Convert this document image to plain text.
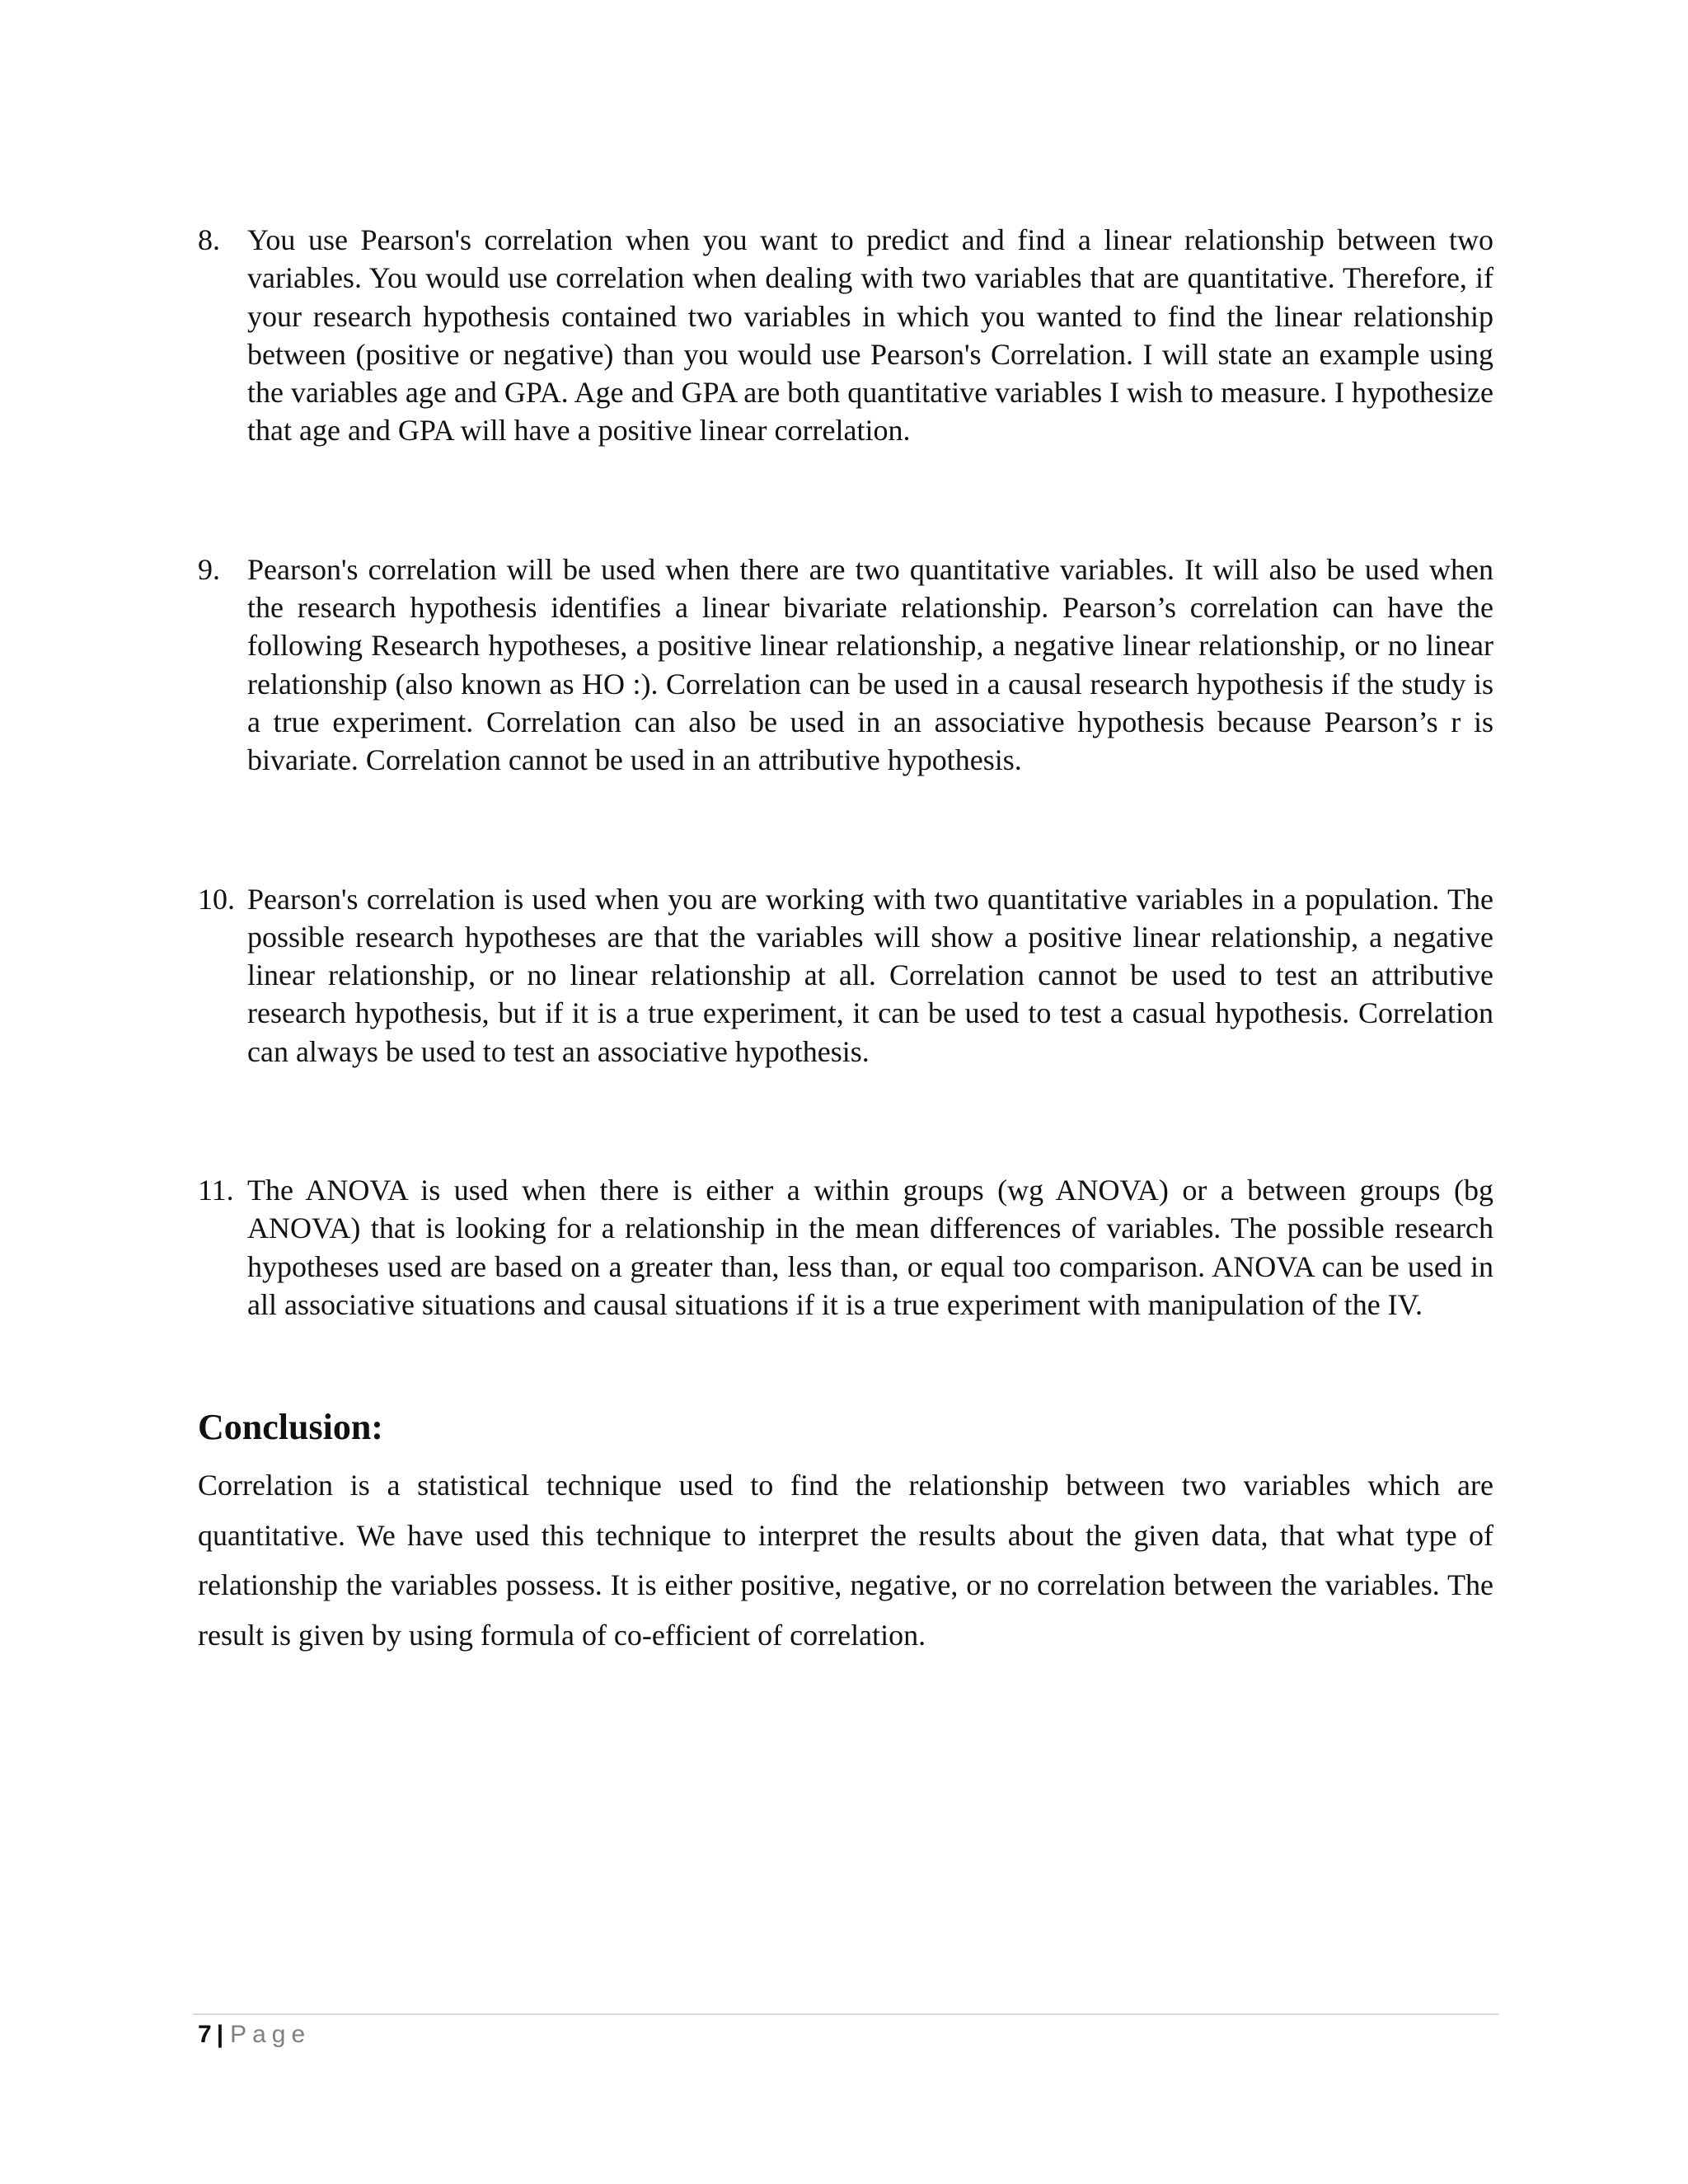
8. You use Pearson's correlation when you want to predict and find a linear relationship between two variables. You would use correlation when dealing with two variables that are quantitative. Therefore, if your research hypothesis contained two variables in which you wanted to find the linear relationship between (positive or negative) than you would use Pearson's Correlation. I will state an example using the variables age and GPA. Age and GPA are both quantitative variables I wish to measure. I hypothesize that age and GPA will have a positive linear correlation.
9. Pearson's correlation will be used when there are two quantitative variables. It will also be used when the research hypothesis identifies a linear bivariate relationship. Pearson’s correlation can have the following Research hypotheses, a positive linear relationship, a negative linear relationship, or no linear relationship (also known as HO :). Correlation can be used in a causal research hypothesis if the study is a true experiment. Correlation can also be used in an associative hypothesis because Pearson’s r is bivariate. Correlation cannot be used in an attributive hypothesis.
10. Pearson's correlation is used when you are working with two quantitative variables in a population. The possible research hypotheses are that the variables will show a positive linear relationship, a negative linear relationship, or no linear relationship at all. Correlation cannot be used to test an attributive research hypothesis, but if it is a true experiment, it can be used to test a casual hypothesis. Correlation can always be used to test an associative hypothesis.
11. The ANOVA is used when there is either a within groups (wg ANOVA) or a between groups (bg ANOVA) that is looking for a relationship in the mean differences of variables. The possible research hypotheses used are based on a greater than, less than, or equal too comparison. ANOVA can be used in all associative situations and causal situations if it is a true experiment with manipulation of the IV.
Conclusion:

Correlation is a statistical technique used to find the relationship between two variables which are quantitative. We have used this technique to interpret the results about the given data, that what type of relationship the variables possess. It is either positive, negative, or no correlation between the variables. The result is given by using formula of co-efficient of correlation.

7 | Page
